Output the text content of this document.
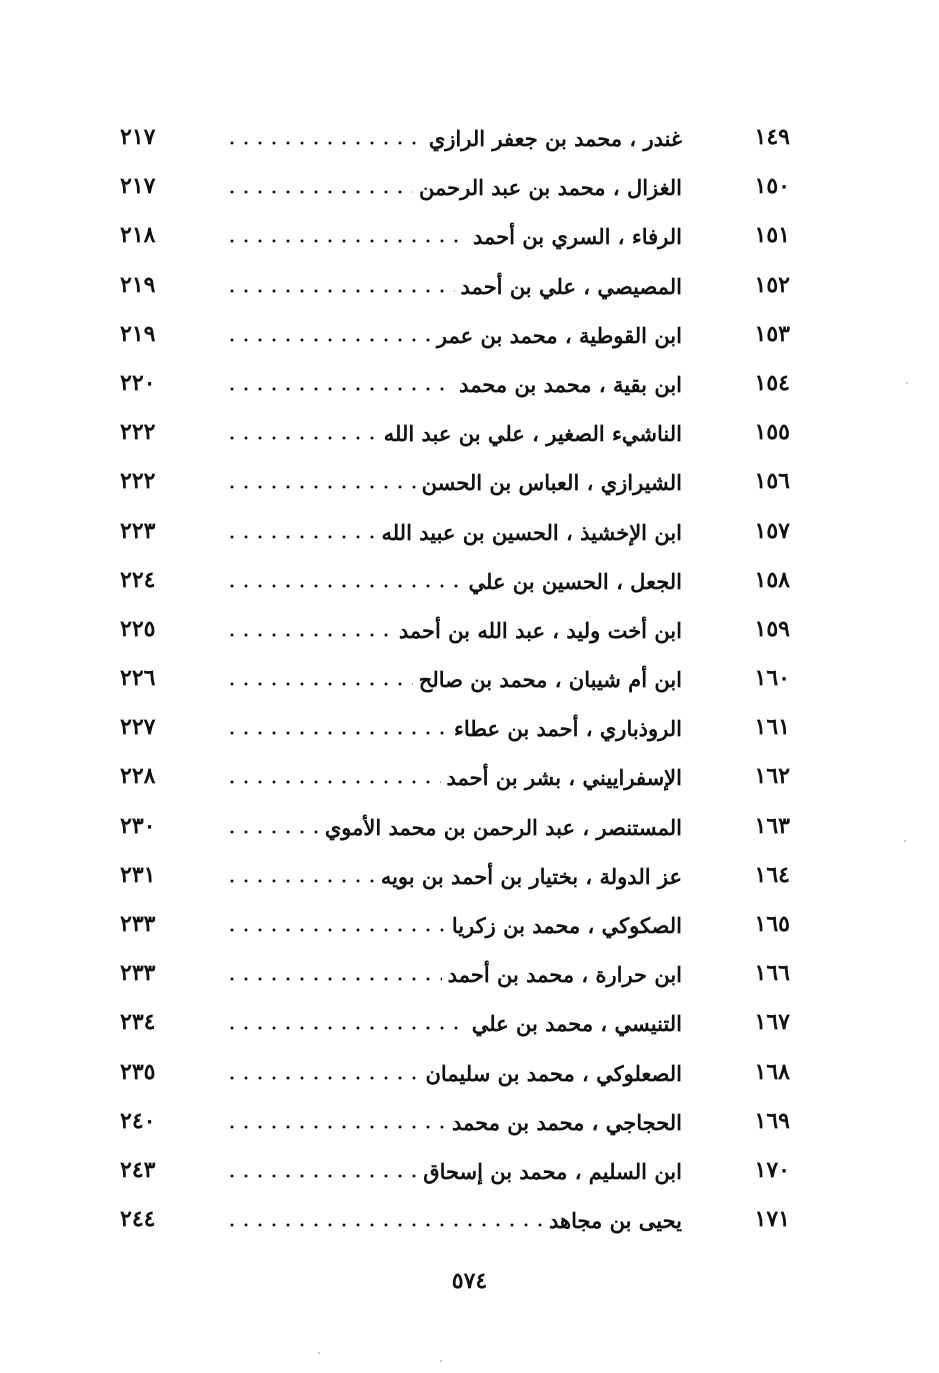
١٤٩
غندر ، محمد بن جعفر الرازي
٢١٧
١٥٠
الغزال ، محمد بن عبد الرحمن
٢١٧
١٥١
الرفاء ، السري بن أحمد
٢١٨
١٥٢
المصيصي ، علي بن أحمد
٢١٩
١٥٣
ابن القوطية ، محمد بن عمر
٢١٩
١٥٤
ابن بقية ، محمد بن محمد
٢٢٠
١٥٥
الناشيء الصغير ، علي بن عبد الله
٢٢٢
١٥٦
الشيرازي ، العباس بن الحسن
٢٢٢
١٥٧
ابن الإخشيذ ، الحسين بن عبيد الله
٢٢٣
١٥٨
الجعل ، الحسين بن علي
٢٢٤
١٥٩
ابن أخت وليد ، عبد الله بن أحمد
٢٢٥
١٦٠
ابن أم شيبان ، محمد بن صالح
٢٢٦
١٦١
الروذباري ، أحمد بن عطاء
٢٢٧
١٦٢
الإسفراييني ، بشر بن أحمد
٢٢٨
١٦٣
المستنصر ، عبد الرحمن بن محمد الأموي
٢٣٠
١٦٤
عز الدولة ، بختيار بن أحمد بن بويه
٢٣١
١٦٥
الصكوكي ، محمد بن زكريا
٢٣٣
١٦٦
ابن حرارة ، محمد بن أحمد
٢٣٣
١٦٧
التنيسي ، محمد بن علي
٢٣٤
١٦٨
الصعلوكي ، محمد بن سليمان
٢٣٥
١٦٩
الحجاجي ، محمد بن محمد
٢٤٠
١٧٠
ابن السليم ، محمد بن إسحاق
٢٤٣
١٧١
يحيى بن مجاهد
٢٤٤
٥٧٤
